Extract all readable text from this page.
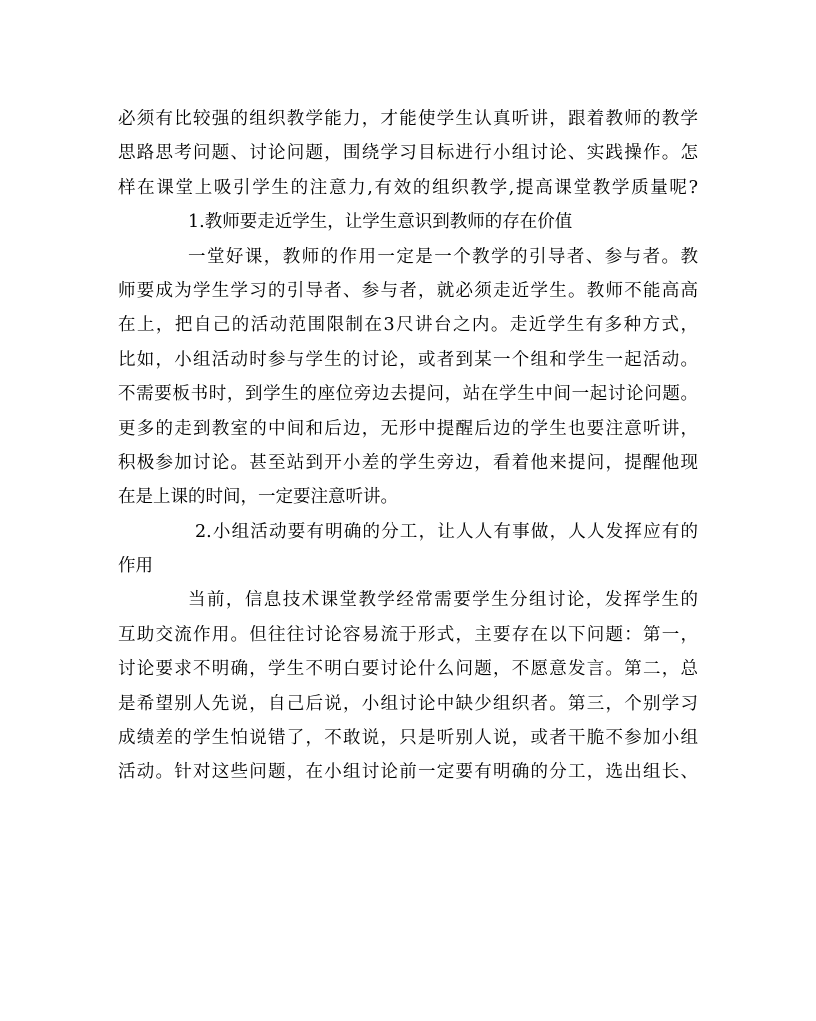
必须有比较强的组织教学能力，才能使学生认真听讲，跟着教师的教学
思路思考问题、讨论问题，围绕学习目标进行小组讨论、实践操作。怎
样在课堂上吸引学生的注意力,有效的组织教学,提高课堂教学质量呢?
1.教师要走近学生，让学生意识到教师的存在价值
一堂好课，教师的作用一定是一个教学的引导者、参与者。教
师要成为学生学习的引导者、参与者，就必须走近学生。教师不能高高
在上，把自己的活动范围限制在3尺讲台之内。走近学生有多种方式，
比如，小组活动时参与学生的讨论，或者到某一个组和学生一起活动。
不需要板书时，到学生的座位旁边去提问，站在学生中间一起讨论问题。
更多的走到教室的中间和后边，无形中提醒后边的学生也要注意听讲，
积极参加讨论。甚至站到开小差的学生旁边，看着他来提问，提醒他现
在是上课的时间，一定要注意听讲。
2.小组活动要有明确的分工，让人人有事做，人人发挥应有的
作用
当前，信息技术课堂教学经常需要学生分组讨论，发挥学生的
互助交流作用。但往往讨论容易流于形式，主要存在以下问题：第一，
讨论要求不明确，学生不明白要讨论什么问题，不愿意发言。第二，总
是希望别人先说，自己后说，小组讨论中缺少组织者。第三，个别学习
成绩差的学生怕说错了，不敢说，只是听别人说，或者干脆不参加小组
活动。针对这些问题，在小组讨论前一定要有明确的分工，选出组长、
